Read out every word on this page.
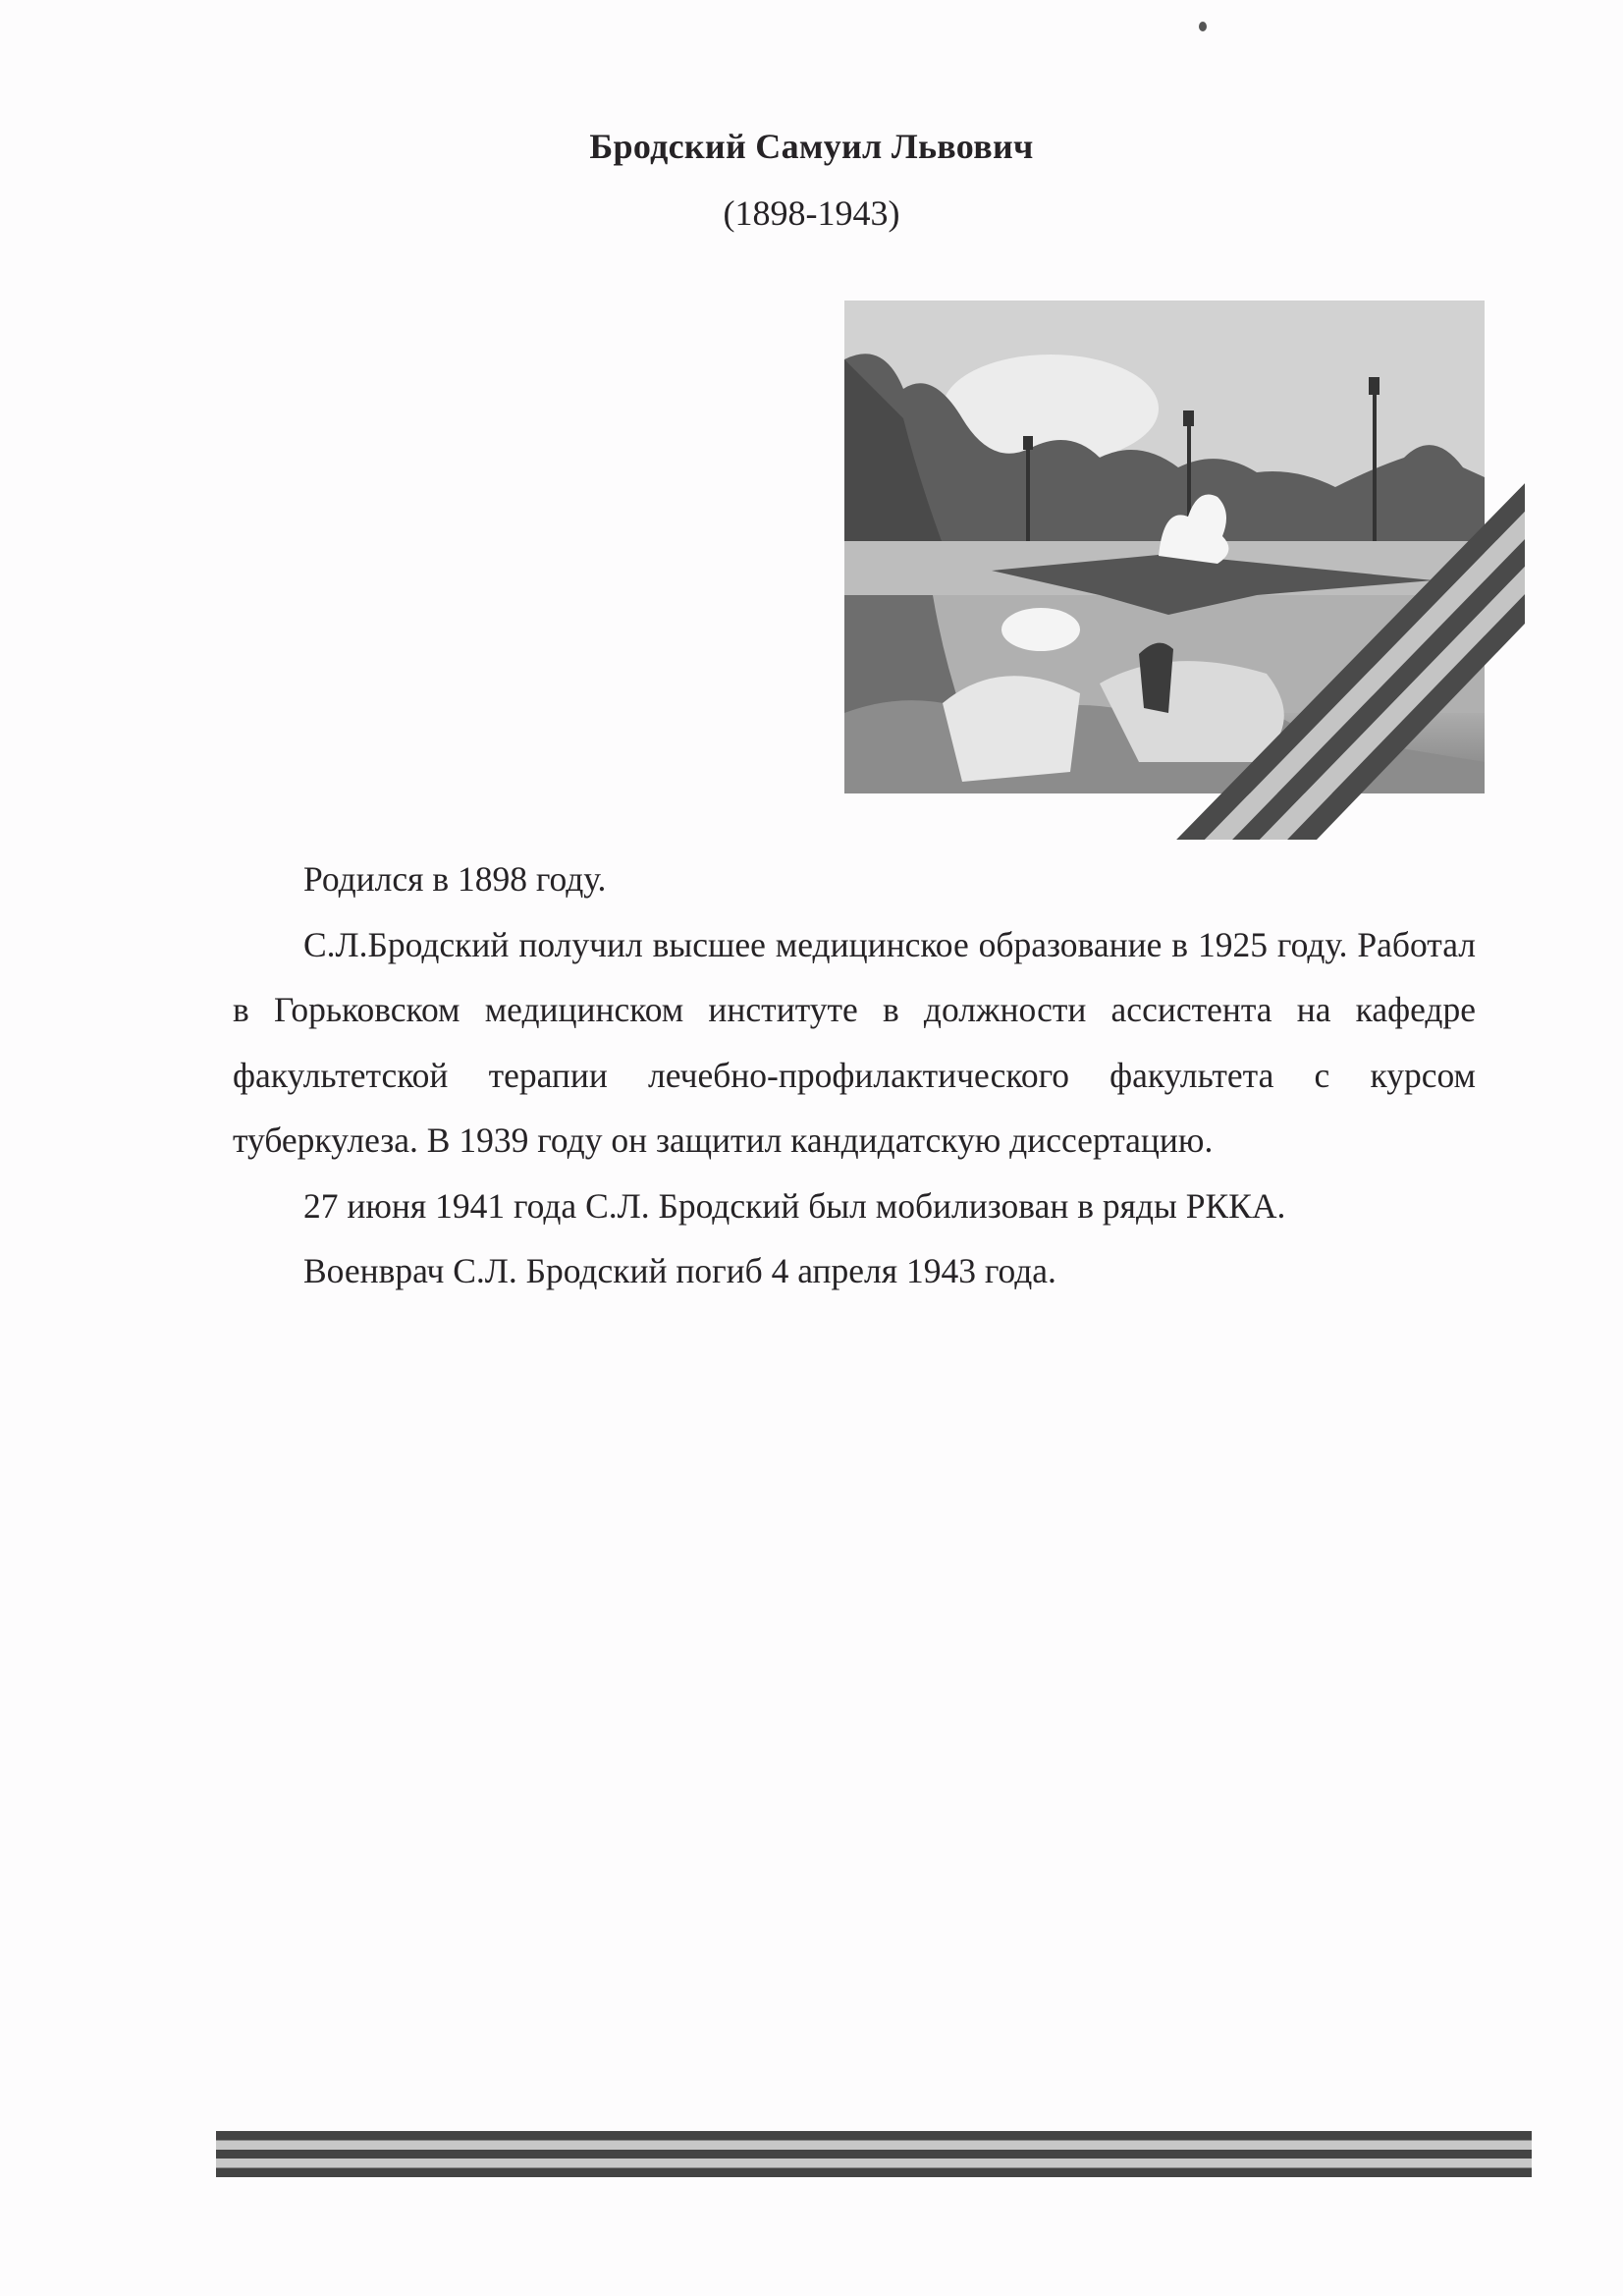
Бродский Самуил Львович
(1898-1943)

Родился в 1898 году.

С.Л.Бродский получил высшее медицинское образование в 1925 году. Работал в Горьковском медицинском институте в должности ассистента на кафедре факультетской терапии лечебно-профилактического факультета с курсом туберкулеза. В 1939 году он защитил кандидатскую диссертацию.

27 июня 1941 года С.Л. Бродский был мобилизован в ряды РККА.

Военврач С.Л. Бродский погиб 4 апреля 1943 года.
